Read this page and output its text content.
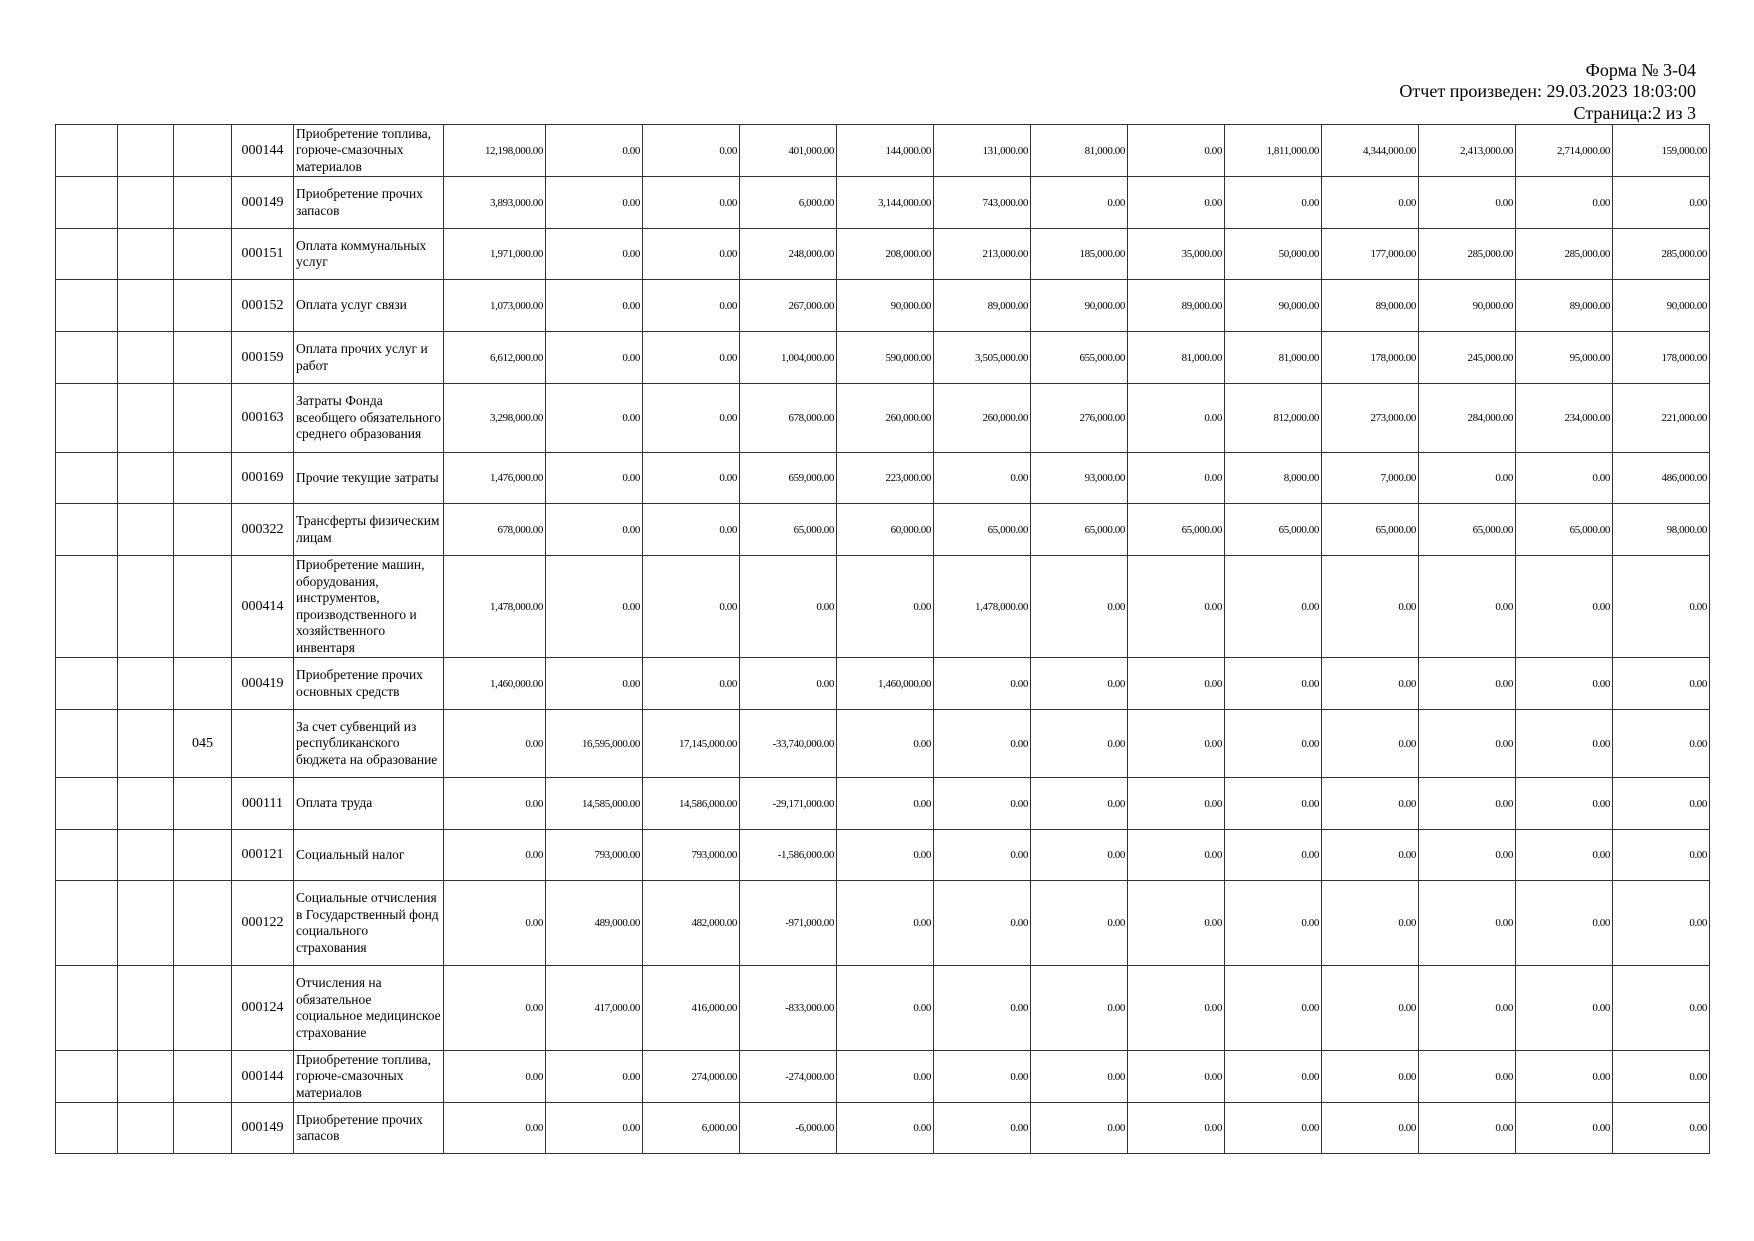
Форма № 3-04
Отчет произведен: 29.03.2023 18:03:00
Страница:2 из 3
			000144	Приобретение топлива, горюче-смазочных материалов	12,198,000.00	0.00	0.00	401,000.00	144,000.00	131,000.00	81,000.00	0.00	1,811,000.00	4,344,000.00	2,413,000.00	2,714,000.00	159,000.00
			000149	Приобретение прочих запасов	3,893,000.00	0.00	0.00	6,000.00	3,144,000.00	743,000.00	0.00	0.00	0.00	0.00	0.00	0.00	0.00
			000151	Оплата коммунальных услуг	1,971,000.00	0.00	0.00	248,000.00	208,000.00	213,000.00	185,000.00	35,000.00	50,000.00	177,000.00	285,000.00	285,000.00	285,000.00
			000152	Оплата услуг связи	1,073,000.00	0.00	0.00	267,000.00	90,000.00	89,000.00	90,000.00	89,000.00	90,000.00	89,000.00	90,000.00	89,000.00	90,000.00
			000159	Оплата прочих услуг и работ	6,612,000.00	0.00	0.00	1,004,000.00	590,000.00	3,505,000.00	655,000.00	81,000.00	81,000.00	178,000.00	245,000.00	95,000.00	178,000.00
			000163	Затраты Фонда всеобщего обязательного среднего образования	3,298,000.00	0.00	0.00	678,000.00	260,000.00	260,000.00	276,000.00	0.00	812,000.00	273,000.00	284,000.00	234,000.00	221,000.00
			000169	Прочие текущие затраты	1,476,000.00	0.00	0.00	659,000.00	223,000.00	0.00	93,000.00	0.00	8,000.00	7,000.00	0.00	0.00	486,000.00
			000322	Трансферты физическим лицам	678,000.00	0.00	0.00	65,000.00	60,000.00	65,000.00	65,000.00	65,000.00	65,000.00	65,000.00	65,000.00	65,000.00	98,000.00
			000414	Приобретение машин, оборудования, инструментов, производственного и хозяйственного инвентаря	1,478,000.00	0.00	0.00	0.00	0.00	1,478,000.00	0.00	0.00	0.00	0.00	0.00	0.00	0.00
			000419	Приобретение прочих основных средств	1,460,000.00	0.00	0.00	0.00	1,460,000.00	0.00	0.00	0.00	0.00	0.00	0.00	0.00	0.00
		045		За счет субвенций из республиканского бюджета на образование	0.00	16,595,000.00	17,145,000.00	-33,740,000.00	0.00	0.00	0.00	0.00	0.00	0.00	0.00	0.00	0.00
			000111	Оплата труда	0.00	14,585,000.00	14,586,000.00	-29,171,000.00	0.00	0.00	0.00	0.00	0.00	0.00	0.00	0.00	0.00
			000121	Социальный налог	0.00	793,000.00	793,000.00	-1,586,000.00	0.00	0.00	0.00	0.00	0.00	0.00	0.00	0.00	0.00
			000122	Социальные отчисления в Государственный фонд социального страхования	0.00	489,000.00	482,000.00	-971,000.00	0.00	0.00	0.00	0.00	0.00	0.00	0.00	0.00	0.00
			000124	Отчисления на обязательное социальное медицинское страхование	0.00	417,000.00	416,000.00	-833,000.00	0.00	0.00	0.00	0.00	0.00	0.00	0.00	0.00	0.00
			000144	Приобретение топлива, горюче-смазочных материалов	0.00	0.00	274,000.00	-274,000.00	0.00	0.00	0.00	0.00	0.00	0.00	0.00	0.00	0.00
			000149	Приобретение прочих запасов	0.00	0.00	6,000.00	-6,000.00	0.00	0.00	0.00	0.00	0.00	0.00	0.00	0.00	0.00
